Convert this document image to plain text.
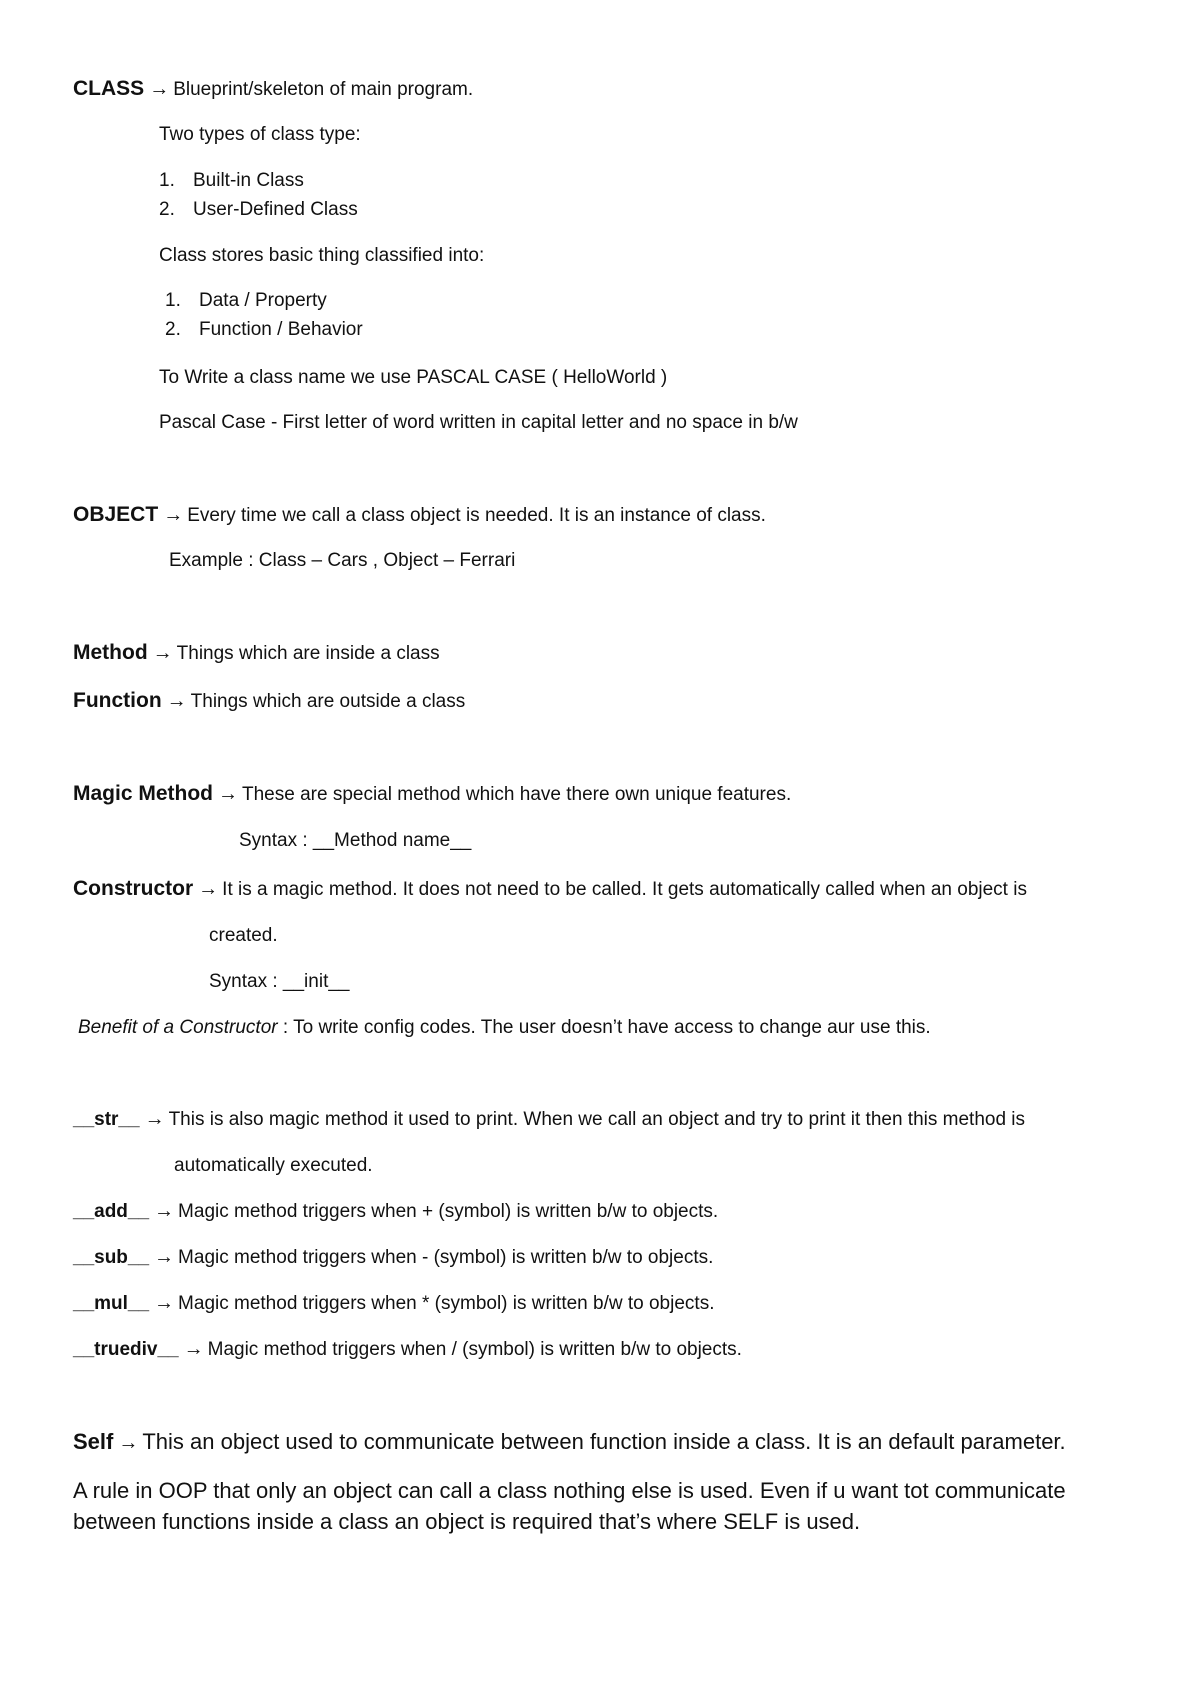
CLASS → Blueprint/skeleton of main program.
Two types of class type:
1. Built-in Class
2. User-Defined Class
Class stores basic thing classified into:
1. Data / Property
2. Function / Behavior
To Write a class name we use PASCAL CASE ( HelloWorld )
Pascal Case - First letter of word written in capital letter and no space in b/w
OBJECT → Every time we call a class object is needed. It is an instance of class.
Example : Class – Cars , Object – Ferrari
Method → Things which are inside a class
Function → Things which are outside a class
Magic Method → These are special method which have there own unique features.
Syntax : __Method name__
Constructor → It is a magic method. It does not need to be called. It gets automatically called when an object is
created.
Syntax : __init__
Benefit of a Constructor : To write config codes. The user doesn’t have access to change aur use this.
__str__ → This is also magic method it used to print. When we call an object and try to print it then this method is
automatically executed.
__add__ → Magic method triggers when + (symbol) is written b/w to objects.
__sub__ → Magic method triggers when - (symbol) is written b/w to objects.
__mul__ → Magic method triggers when * (symbol) is written b/w to objects.
__truediv__ → Magic method triggers when / (symbol) is written b/w to objects.
Self → This an object used to communicate between function inside a class. It is an default parameter.
A rule in OOP that only an object can call a class nothing else is used. Even if u want tot communicate
between functions inside a class an object is required that’s where SELF is used.
